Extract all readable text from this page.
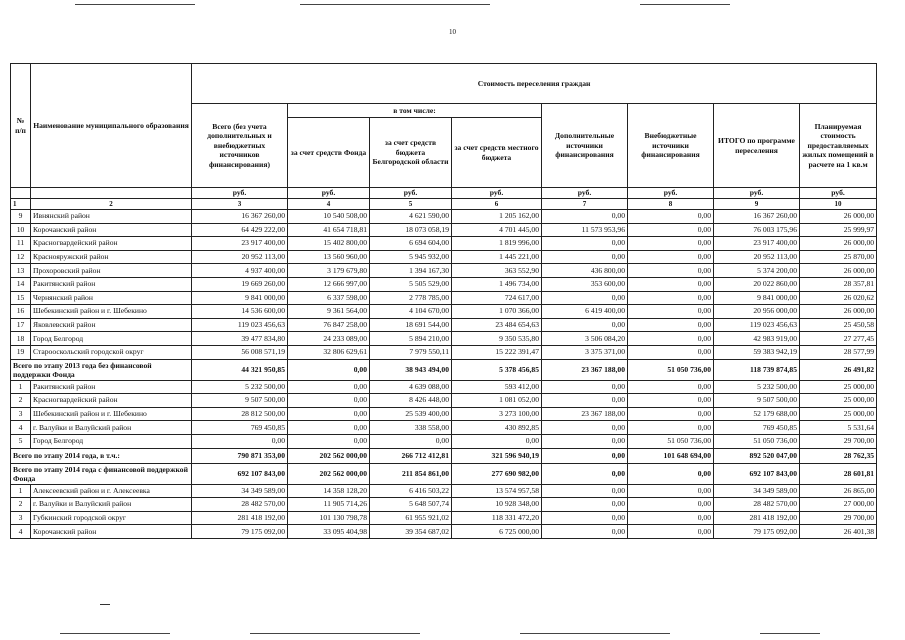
10
№ п/п	Наименование муниципального образования	Стоимость переселения граждан							
		Всего (без учета дополнительных и внебюджетных источников финансирования)	в том числе:			Дополнительные источники финансирования	Внебюджетные источники финансирования	ИТОГО по программе переселения	Планируемая стоимость предоставляемых жилых помещений в расчете на 1 кв.м
			за счет средств Фонда	за счет средств бюджета Белгородской области	за счет средств местного бюджета				
		руб.	руб.	руб.	руб.	руб.	руб.	руб.	руб.
1	2	3	4	5	6	7	8	9	10
9	Ивнянский район	16 367 260,00	10 540 508,00	4 621 590,00	1 205 162,00	0,00	0,00	16 367 260,00	26 000,00
10	Корочанский район	64 429 222,00	41 654 718,81	18 073 058,19	4 701 445,00	11 573 953,96	0,00	76 003 175,96	25 999,97
11	Красногвардейский район	23 917 400,00	15 402 800,00	6 694 604,00	1 819 996,00	0,00	0,00	23 917 400,00	26 000,00
12	Краснояружский район	20 952 113,00	13 560 960,00	5 945 932,00	1 445 221,00	0,00	0,00	20 952 113,00	25 870,00
13	Прохоровский район	4 937 400,00	3 179 679,80	1 394 167,30	363 552,90	436 800,00	0,00	5 374 200,00	26 000,00
14	Ракитянский район	19 669 260,00	12 666 997,00	5 505 529,00	1 496 734,00	353 600,00	0,00	20 022 860,00	28 357,81
15	Чернянский район	9 841 000,00	6 337 598,00	2 778 785,00	724 617,00	0,00	0,00	9 841 000,00	26 020,62
16	Шебекинский район и г. Шебекино	14 536 600,00	9 361 564,00	4 104 670,00	1 070 366,00	6 419 400,00	0,00	20 956 000,00	26 000,00
17	Яковлевский район	119 023 456,63	76 847 258,00	18 691 544,00	23 484 654,63	0,00	0,00	119 023 456,63	25 450,58
18	Город Белгород	39 477 834,80	24 233 089,00	5 894 210,00	9 350 535,80	3 506 084,20	0,00	42 983 919,00	27 277,45
19	Старооскольский городской округ	56 008 571,19	32 806 629,61	7 979 550,11	15 222 391,47	3 375 371,00	0,00	59 383 942,19	28 577,99
Всего по этапу 2013 года без финансовой поддержки Фонда		44 321 950,85	0,00	38 943 494,00	5 378 456,85	23 367 188,00	51 050 736,00	118 739 874,85	26 491,82
1	Ракитянский район	5 232 500,00	0,00	4 639 088,00	593 412,00	0,00	0,00	5 232 500,00	25 000,00
2	Красногвардейский район	9 507 500,00	0,00	8 426 448,00	1 081 052,00	0,00	0,00	9 507 500,00	25 000,00
3	Шебекинский район и г. Шебекино	28 812 500,00	0,00	25 539 400,00	3 273 100,00	23 367 188,00	0,00	52 179 688,00	25 000,00
4	г. Валуйки и Валуйский район	769 450,85	0,00	338 558,00	430 892,85	0,00	0,00	769 450,85	5 531,64
5	Город Белгород	0,00	0,00	0,00	0,00	0,00	51 050 736,00	51 050 736,00	29 700,00
Всего по этапу 2014 года, в т.ч.:		790 871 353,00	202 562 000,00	266 712 412,81	321 596 940,19	0,00	101 648 694,00	892 520 047,00	28 762,35
Всего по этапу 2014 года с финансовой поддержкой Фонда		692 107 843,00	202 562 000,00	211 854 861,00	277 690 982,00	0,00	0,00	692 107 843,00	28 601,81
1	Алексеевский район и г. Алексеевка	34 349 589,00	14 358 128,20	6 416 503,22	13 574 957,58	0,00	0,00	34 349 589,00	26 865,00
2	г. Валуйки и Валуйский район	28 482 570,00	11 905 714,26	5 648 507,74	10 928 348,00	0,00	0,00	28 482 570,00	27 000,00
3	Губкинский городской округ	281 418 192,00	101 130 798,78	61 955 921,02	118 331 472,20	0,00	0,00	281 418 192,00	29 700,00
4	Корочанский район	79 175 092,00	33 095 404,98	39 354 687,02	6 725 000,00	0,00	0,00	79 175 092,00	26 401,38
